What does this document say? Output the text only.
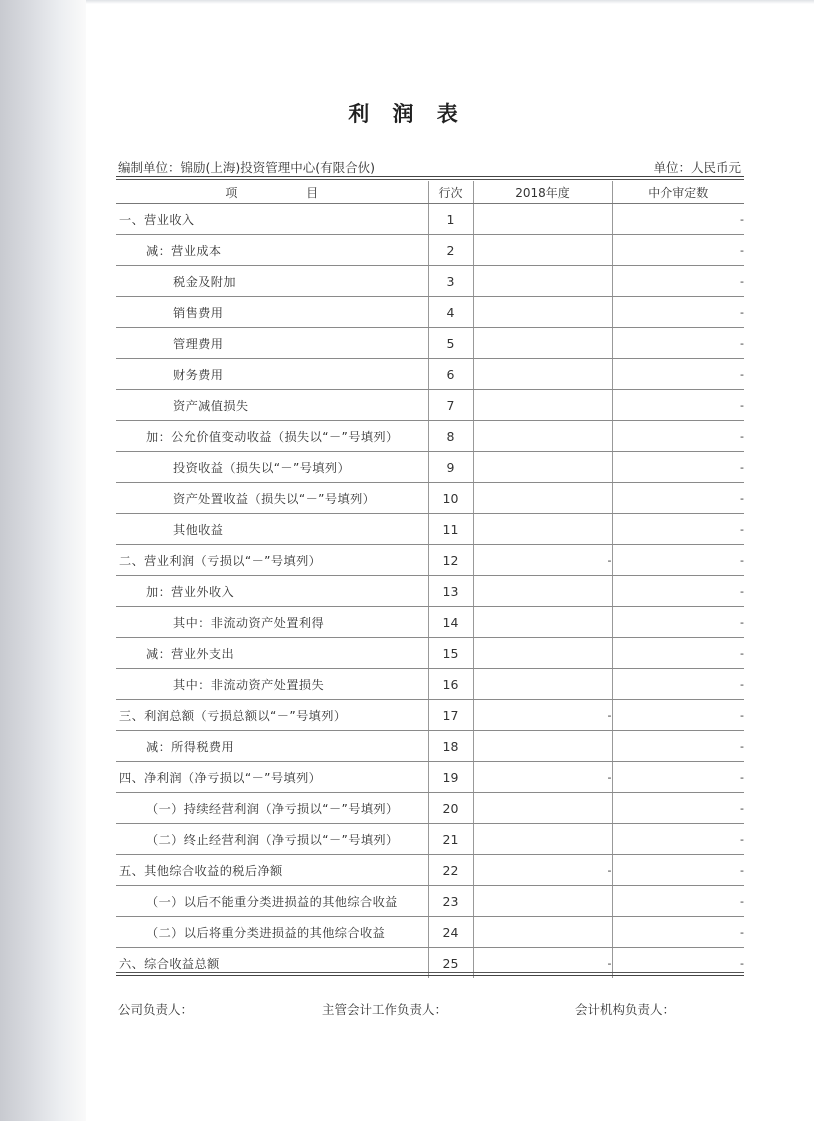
利 润 表
编制单位：锦励(上海)投资管理中心(有限合伙)	单位：人民币元
项                  目	行次	2018年度	中介审定数

一、营业收入	1		-

减：营业成本	2		-

税金及附加	3		-

销售费用	4		-

管理费用	5		-

财务费用	6		-

资产减值损失	7		-

加：公允价值变动收益（损失以“－”号填列）	8		-

投资收益（损失以“－”号填列）	9		-

资产处置收益（损失以“－”号填列）	10		-

其他收益	11		-

二、营业利润（亏损以“－”号填列）	12	-	-

加：营业外收入	13		-

其中：非流动资产处置利得	14		-

减：营业外支出	15		-

其中：非流动资产处置损失	16		-

三、利润总额（亏损总额以“－”号填列）	17	-	-

减：所得税费用	18		-

四、净利润（净亏损以“－”号填列）	19	-	-

（一）持续经营利润（净亏损以“－”号填列）	20		-

（二）终止经营利润（净亏损以“－”号填列）	21		-

五、其他综合收益的税后净额	22	-	-

（一）以后不能重分类进损益的其他综合收益	23		-

（二）以后将重分类进损益的其他综合收益	24		-

六、综合收益总额	25	-	-
公司负责人：	主管会计工作负责人：	会计机构负责人：
